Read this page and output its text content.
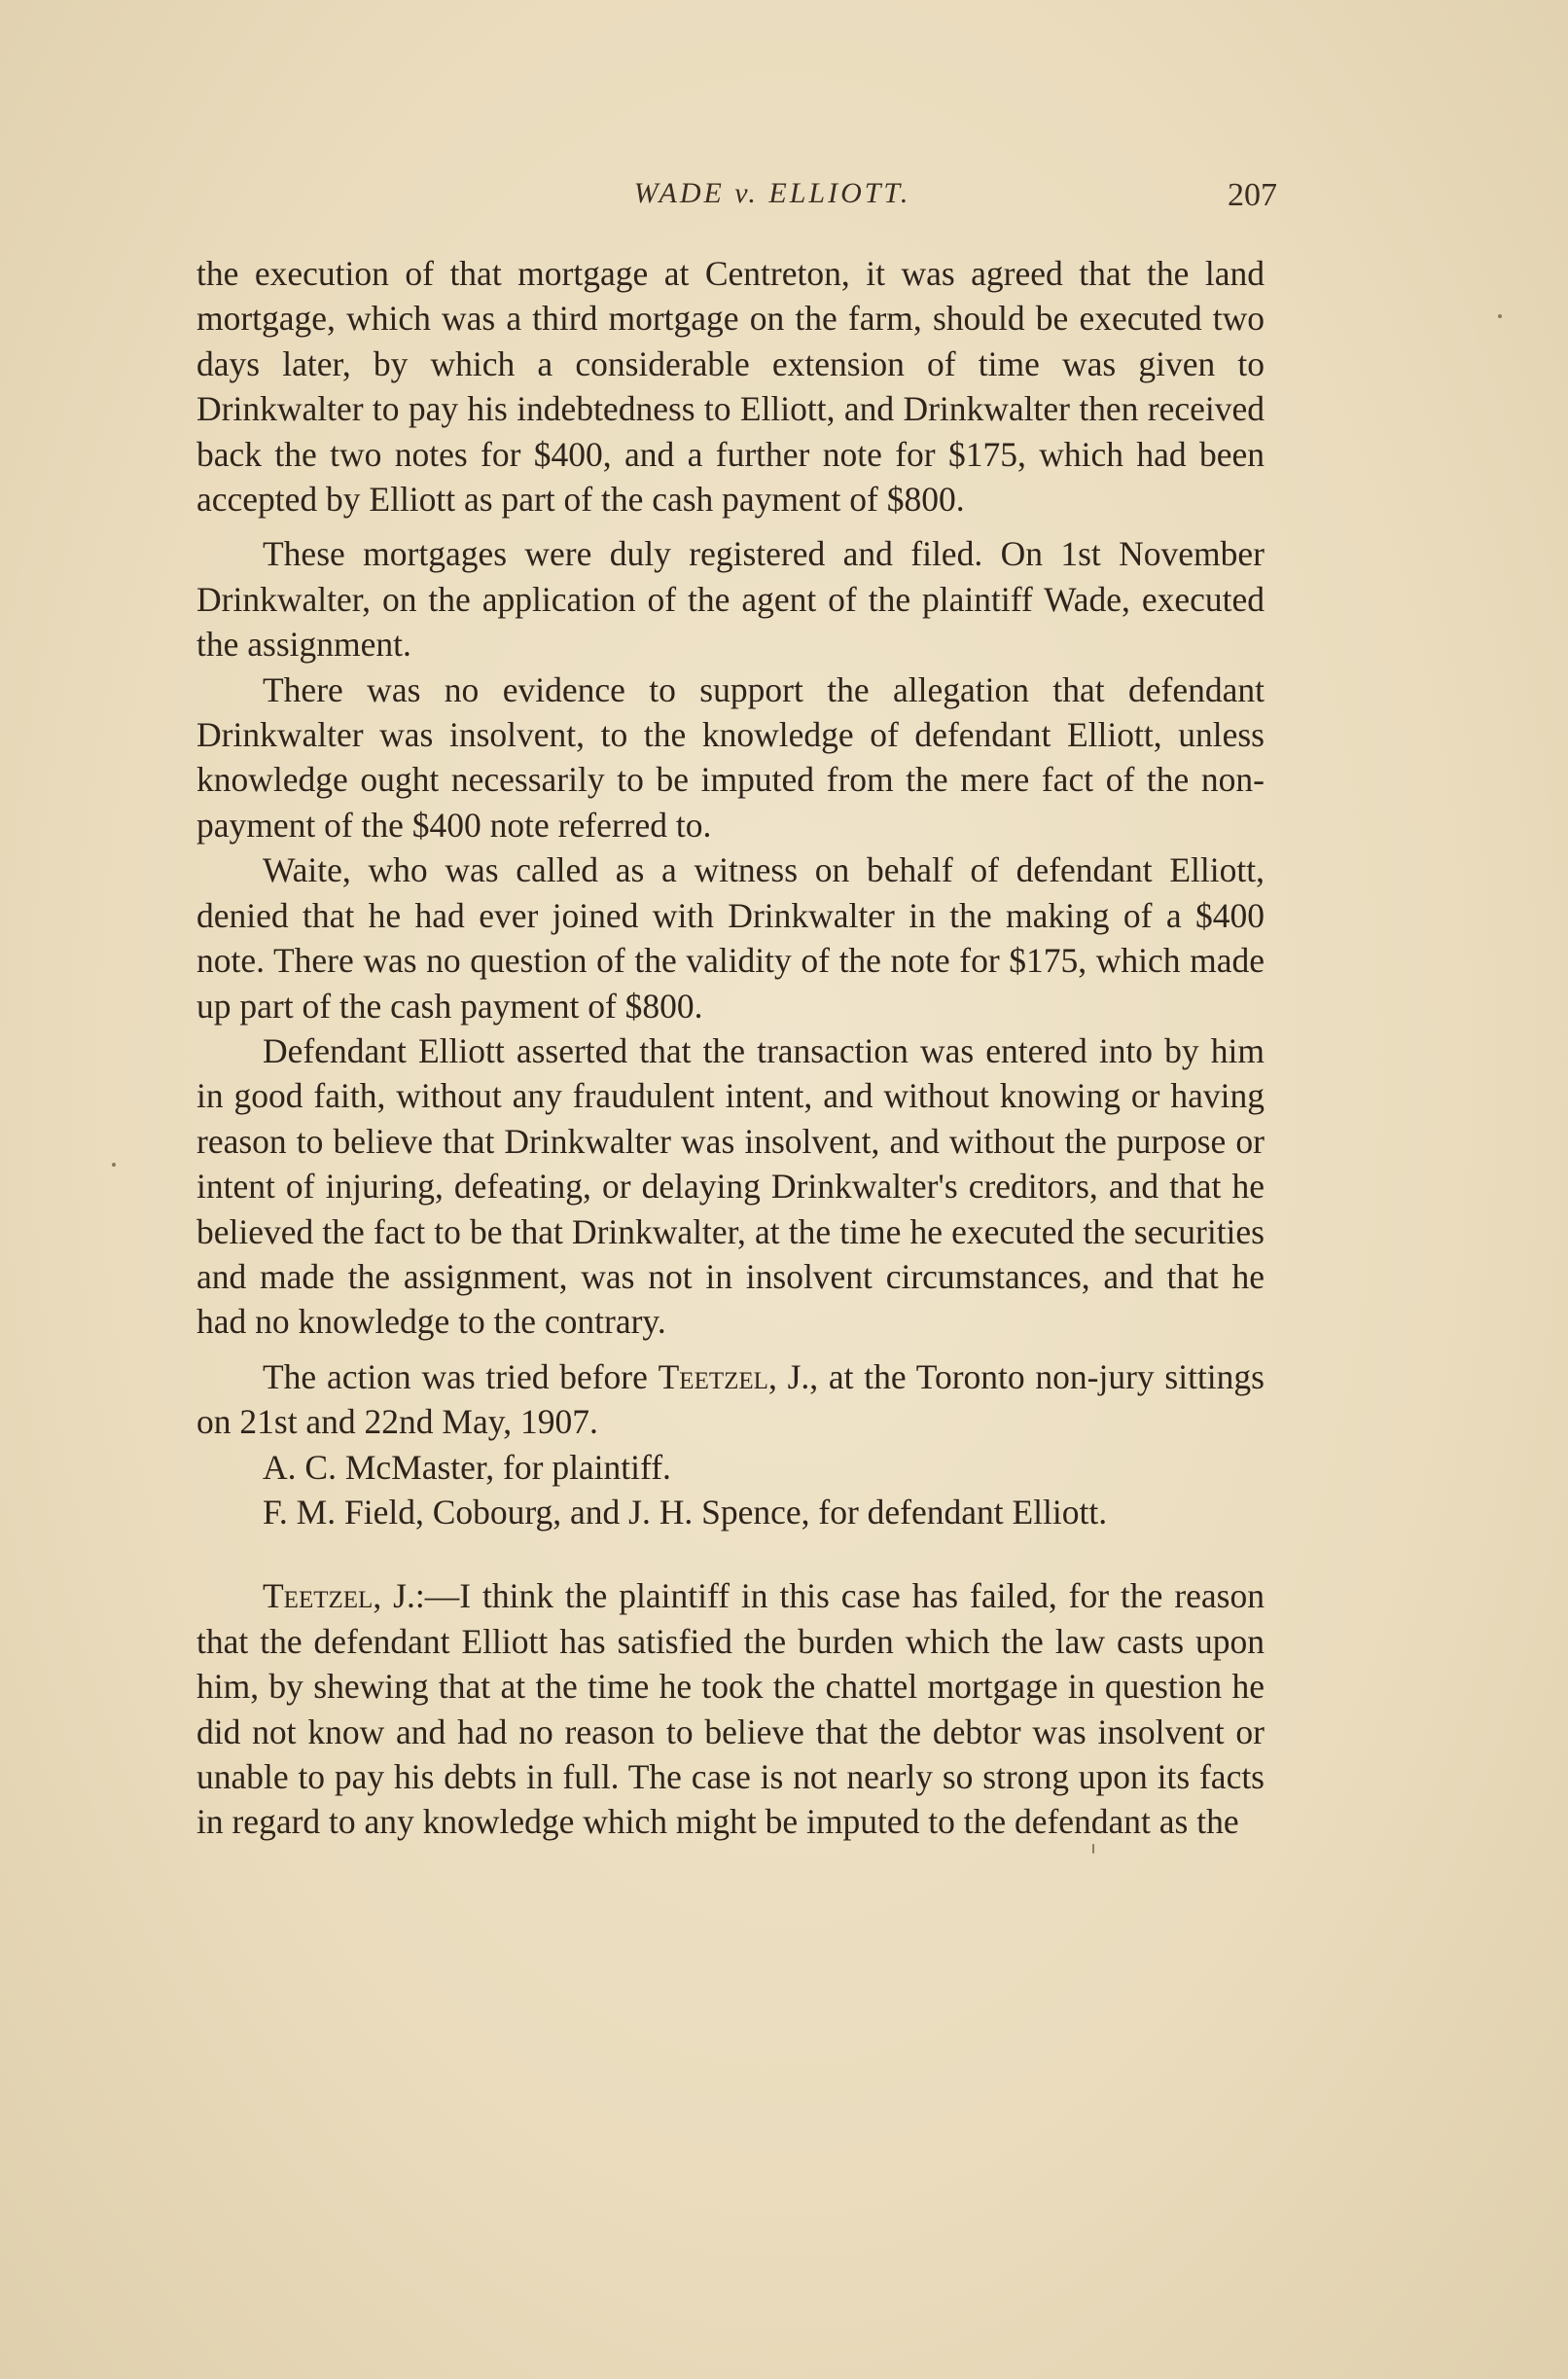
WADE v. ELLIOTT.	207

the execution of that mortgage at Centreton, it was agreed that the land mortgage, which was a third mortgage on the farm, should be executed two days later, by which a considerable extension of time was given to Drinkwalter to pay his indebtedness to Elliott, and Drinkwalter then received back the two notes for $400, and a further note for $175, which had been accepted by Elliott as part of the cash payment of $800.

These mortgages were duly registered and filed. On 1st November Drinkwalter, on the application of the agent of the plaintiff Wade, executed the assignment.

There was no evidence to support the allegation that defendant Drinkwalter was insolvent, to the knowledge of defendant Elliott, unless knowledge ought necessarily to be imputed from the mere fact of the non-payment of the $400 note referred to.

Waite, who was called as a witness on behalf of defendant Elliott, denied that he had ever joined with Drinkwalter in the making of a $400 note. There was no question of the validity of the note for $175, which made up part of the cash payment of $800.

Defendant Elliott asserted that the transaction was entered into by him in good faith, without any fraudulent intent, and without knowing or having reason to believe that Drinkwalter was insolvent, and without the purpose or intent of injuring, defeating, or delaying Drinkwalter's creditors, and that he believed the fact to be that Drinkwalter, at the time he executed the securities and made the assignment, was not in insolvent circumstances, and that he had no knowledge to the contrary.

The action was tried before Teetzel, J., at the Toronto non-jury sittings on 21st and 22nd May, 1907.

A. C. McMaster, for plaintiff.

F. M. Field, Cobourg, and J. H. Spence, for defendant Elliott.

Teetzel, J.:—I think the plaintiff in this case has failed, for the reason that the defendant Elliott has satisfied the burden which the law casts upon him, by shewing that at the time he took the chattel mortgage in question he did not know and had no reason to believe that the debtor was insolvent or unable to pay his debts in full. The case is not nearly so strong upon its facts in regard to any knowledge which might be imputed to the defendant as the
